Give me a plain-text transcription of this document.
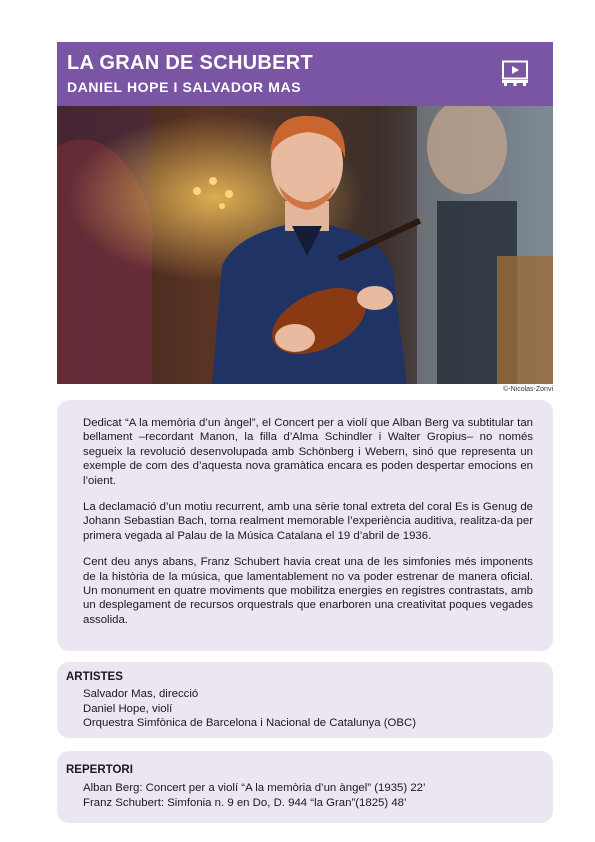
LA GRAN DE SCHUBERT
DANIEL HOPE I SALVADOR MAS
©-Nicolas-Zonvi

Dedicat “A la memòria d’un àngel”, el Concert per a violí que Alban Berg va subtitular tan bellament –recordant Manon, la filla d’Alma Schindler i Walter Gropius– no només segueix la revolució desenvolupada amb Schönberg i Webern, sinó que representa un exemple de com des d’aquesta nova gramàtica encara es poden despertar emocions en l’oient.

La declamació d’un motiu recurrent, amb una sèrie tonal extreta del coral Es is Genug de Johann Sebastian Bach, torna realment memorable l’experiència auditiva, realitza-da per primera vegada al Palau de la Música Catalana el 19 d’abril de 1936.

Cent deu anys abans, Franz Schubert havia creat una de les simfonies més imponents de la història de la música, que lamentablement no va poder estrenar de manera oficial. Un monument en quatre moviments que mobilitza energies en registres contrastats, amb un desplegament de recursos orquestrals que enarboren una creativitat poques vegades assolida.

ARTISTES
Salvador Mas, direcció
Daniel Hope, violí
Orquestra Simfònica de Barcelona i Nacional de Catalunya (OBC)
REPERTORI
Alban Berg: Concert per a violí “A la memòria d’un àngel” (1935) 22’
Franz Schubert: Simfonia n. 9 en Do, D. 944 “la Gran”(1825) 48’
